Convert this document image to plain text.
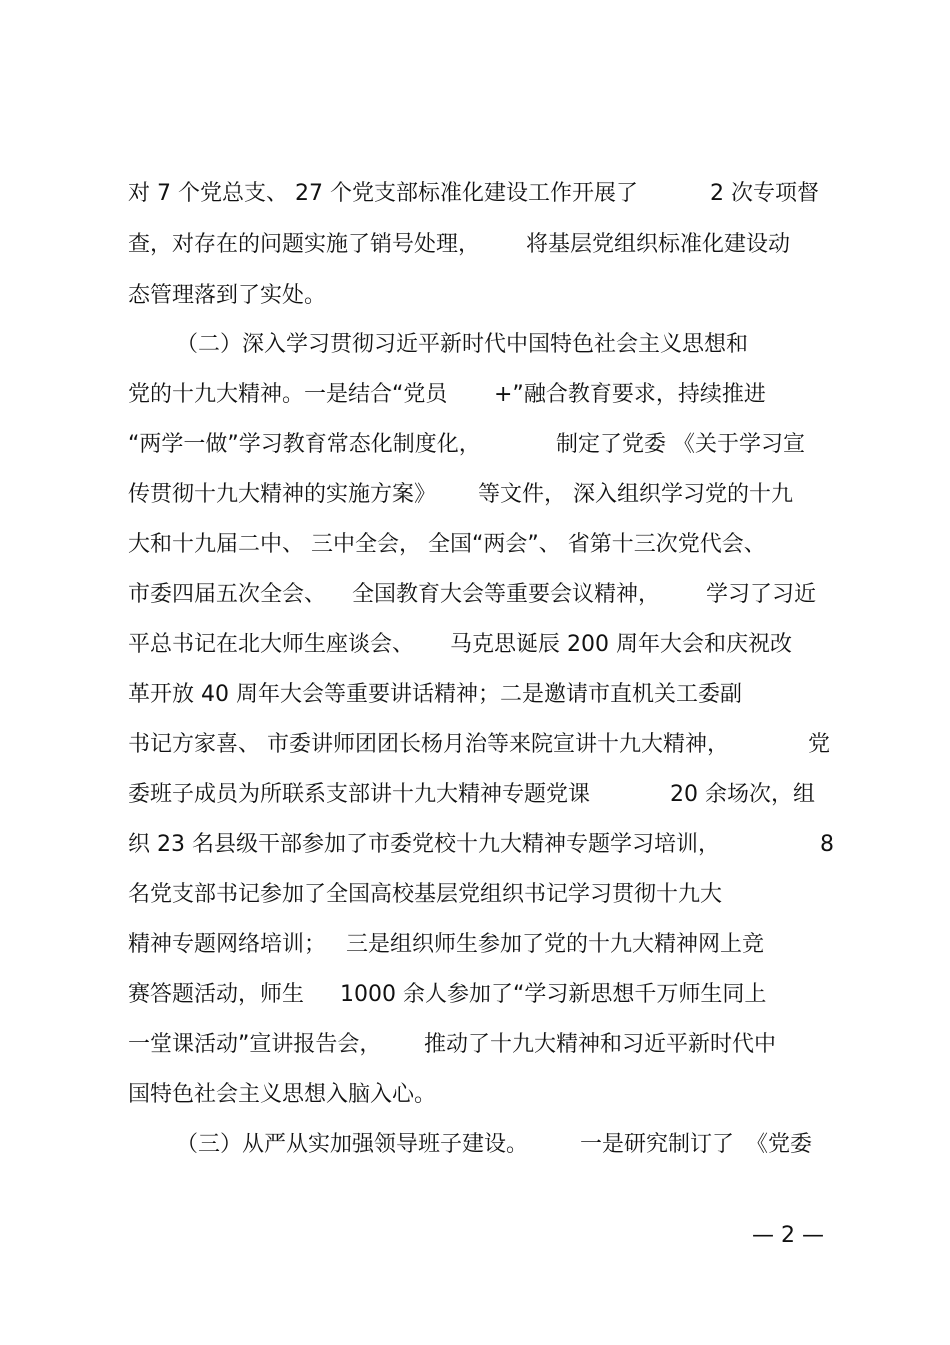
对 7 个党总支、 27 个党支部标准化建设工作开展了

	2 次专项督

查，对存在的问题实施了销号处理，

将基层党组织标准化建设动

态管理落到了实处。

（二）深入学习贯彻习近平新时代中国特色社会主义思想和

党的十九大精神。一是结合“党员

+”融合教育要求，持续推进

“两学一做”学习教育常态化制度化，

	制定了党委 《关于学习宣

传贯彻十九大精神的实施方案》

等文件， 深入组织学习党的十九

大和十九届二中、 三中全会， 全国“两会”、 省第十三次党代会、

市委四届五次全会、

全国教育大会等重要会议精神，

学习了习近

平总书记在北大师生座谈会、

马克思诞辰 200 周年大会和庆祝改

革开放 40 周年大会等重要讲话精神；二是邀请市直机关工委副

书记方家喜、 市委讲师团团长杨月治等来院宣讲十九大精神，

	党

委班子成员为所联系支部讲十九大精神专题党课

	20 余场次，组

织 23 名县级干部参加了市委党校十九大精神专题学习培训，

	8

名党支部书记参加了全国高校基层党组织书记学习贯彻十九大

精神专题网络培训；

三是组织师生参加了党的十九大精神网上竞

赛答题活动，师生

1000 余人参加了“学习新思想千万师生同上

一堂课活动”宣讲报告会，

推动了十九大精神和习近平新时代中

国特色社会主义思想入脑入心。

（三）从严从实加强领导班子建设。

一是研究制订了

《党委

— 2 —
